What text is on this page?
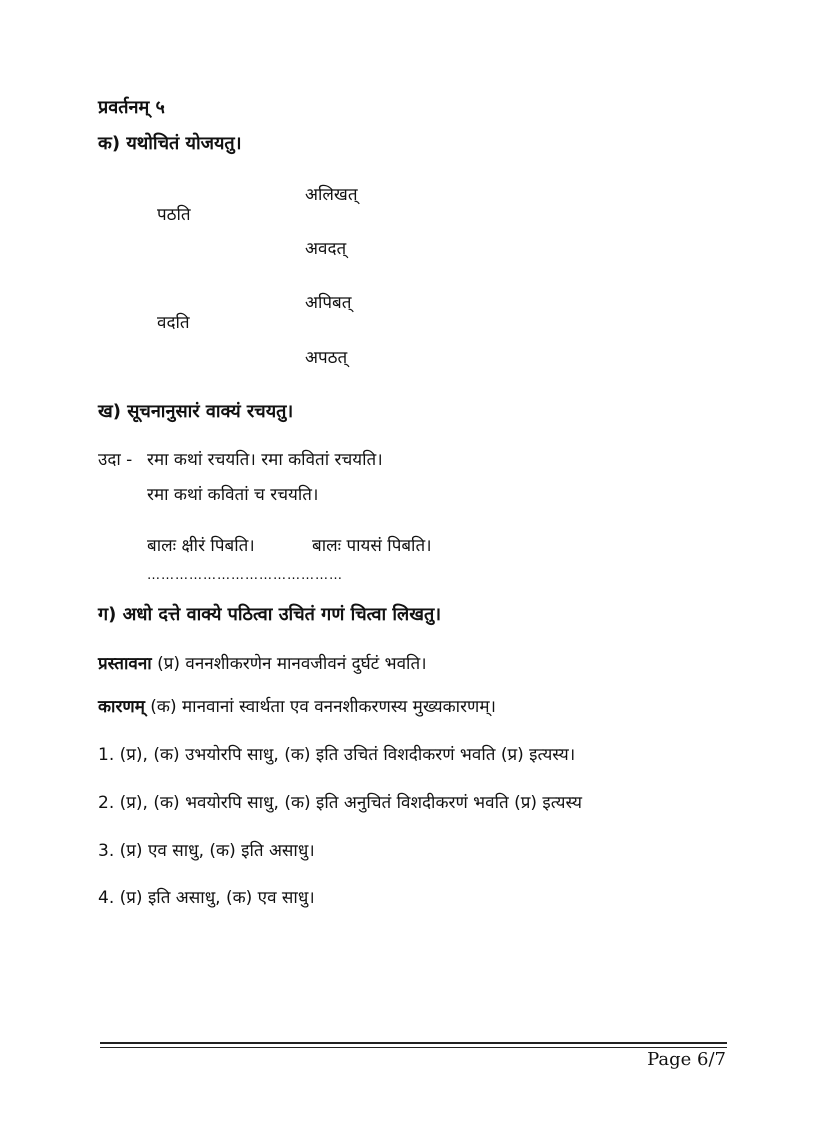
प्रवर्तनम् ५
क) यथोचितं योजयतु।
पठति
वदति
अलिखत्
अवदत्
अपिबत्
अपठत्
ख) सूचनानुसारं वाक्यं रचयतु।
उदा - रमा कथां रचयति। रमा कवितां रचयति।
रमा कथां कवितां च रचयति।
बालः क्षीरं पिबति।	बालः पायसं पिबति।
……………………………………
ग) अधो दत्ते वाक्ये पठित्वा उचितं गणं चित्वा लिखतु।
प्रस्तावना (प्र) वननशीकरणेन मानवजीवनं दुर्घटं भवति।
कारणम् (क) मानवानां स्वार्थता एव वननशीकरणस्य मुख्यकारणम्।
1. (प्र), (क) उभयोरपि साधु, (क) इति उचितं विशदीकरणं भवति (प्र) इत्यस्य।
2. (प्र), (क) भवयोरपि साधु, (क) इति अनुचितं विशदीकरणं भवति (प्र) इत्यस्य
3. (प्र) एव साधु, (क) इति असाधु।
4. (प्र) इति असाधु, (क) एव साधु।
Page 6/7
